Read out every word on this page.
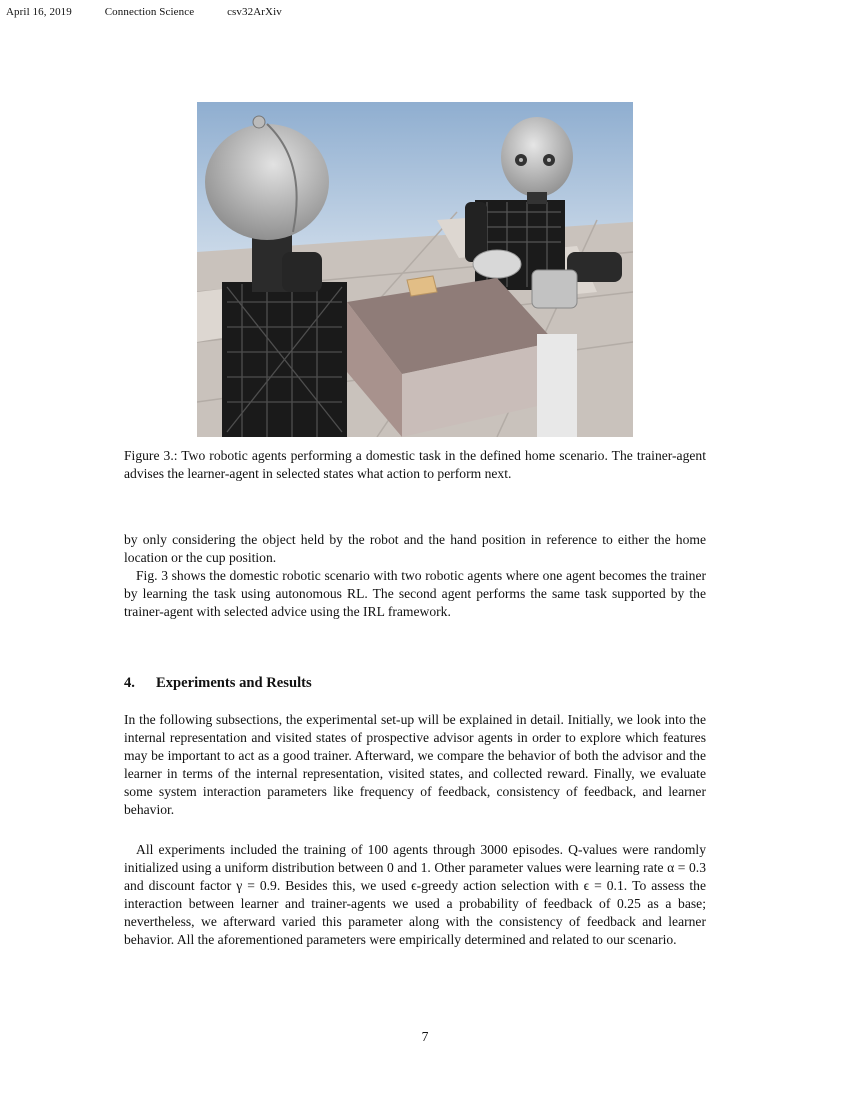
April 16, 2019	Connection Science	csv32ArXiv
Figure 3.: Two robotic agents performing a domestic task in the defined home scenario. The trainer-agent advises the learner-agent in selected states what action to perform next.
by only considering the object held by the robot and the hand position in reference to either the home location or the cup position.
Fig. 3 shows the domestic robotic scenario with two robotic agents where one agent becomes the trainer by learning the task using autonomous RL. The second agent performs the same task supported by the trainer-agent with selected advice using the IRL framework.
4. Experiments and Results
In the following subsections, the experimental set-up will be explained in detail. Initially, we look into the internal representation and visited states of prospective advisor agents in order to explore which features may be important to act as a good trainer. Afterward, we compare the behavior of both the advisor and the learner in terms of the internal representation, visited states, and collected reward. Finally, we evaluate some system interaction parameters like frequency of feedback, consistency of feedback, and learner behavior.
All experiments included the training of 100 agents through 3000 episodes. Q-values were randomly initialized using a uniform distribution between 0 and 1. Other parameter values were learning rate α = 0.3 and discount factor γ = 0.9. Besides this, we used ϵ-greedy action selection with ϵ = 0.1. To assess the interaction between learner and trainer-agents we used a probability of feedback of 0.25 as a base; nevertheless, we afterward varied this parameter along with the consistency of feedback and learner behavior. All the aforementioned parameters were empirically determined and related to our scenario.
7
